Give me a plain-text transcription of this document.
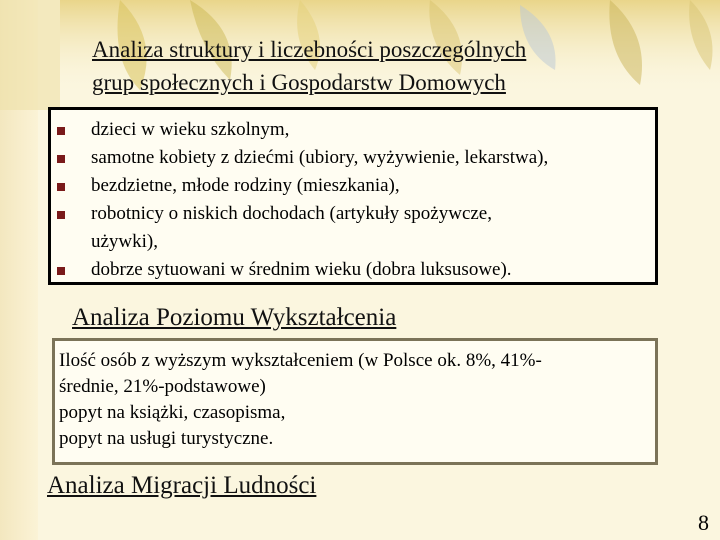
Analiza struktury i liczebności poszczególnych
grup społecznych i Gospodarstw Domowych
dzieci w wieku szkolnym,
samotne kobiety z dziećmi (ubiory, wyżywienie, lekarstwa),
bezdzietne, młode rodziny (mieszkania),
robotnicy o niskich dochodach (artykuły spożywcze,
używki),
dobrze sytuowani w średnim wieku (dobra luksusowe).
Analiza Poziomu Wykształcenia

Ilość osób z wyższym wykształceniem (w Polsce ok. 8%, 41%-

średnie, 21%-podstawowe)

popyt na książki, czasopisma,

popyt na usługi turystyczne.

Analiza Migracji Ludności
8
